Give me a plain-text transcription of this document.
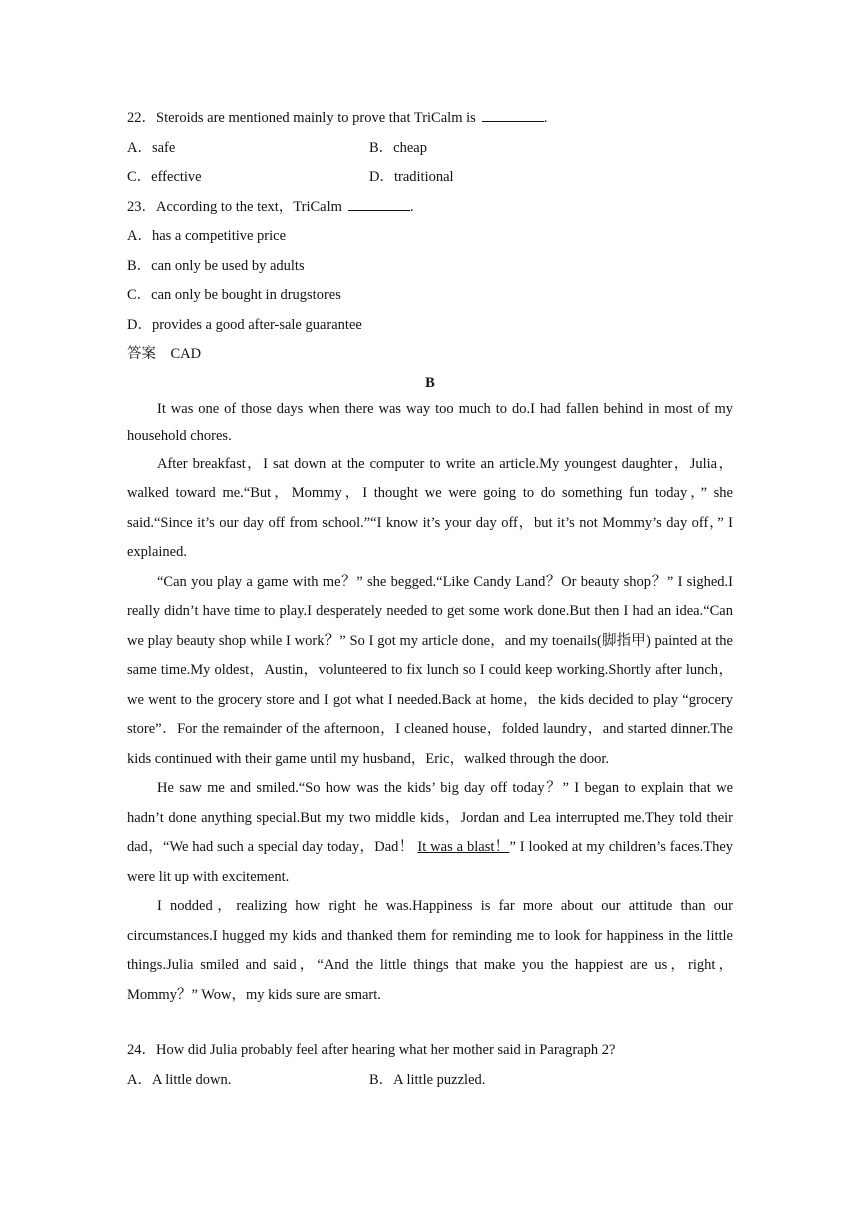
22．Steroids are mentioned mainly to prove that TriCalm is	.
A．safe	B．cheap
C．effective	D．traditional
23．According to the text，TriCalm	.
A．has a competitive price
B．can only be used by adults
C．can only be bought in drugstores
D．provides a good after-sale guarantee
答案　CAD
B

It was one of those days when there was way too much to do.I had fallen behind in most of my household chores.

After breakfast，I sat down at the computer to write an article.My youngest daughter，Julia，walked toward me.“But，Mommy，I thought we were going to do something fun today，” she said.“Since it’s our day off from school.”“I know it’s your day off，but it’s not Mommy’s day off，” I explained.

“Can you play a game with me？” she begged.“Like Candy Land？Or beauty shop？” I sighed.I really didn’t have time to play.I desperately needed to get some work done.But then I had an idea.“Can we play beauty shop while I work？” So I got my article done，and my toenails(脚指甲) painted at the same time.My oldest，Austin，volunteered to fix lunch so I could keep working.Shortly after lunch，we went to the grocery store and I got what I needed.Back at home，the kids decided to play “grocery store”．For the remainder of the afternoon，I cleaned house，folded laundry，and started dinner.The kids continued with their game until my husband，Eric，walked through the door.

He saw me and smiled.“So how was the kids’ big day off today？” I began to explain that we hadn’t done anything special.But my two middle kids，Jordan and Lea interrupted me.They told their dad，“We had such a special day today，Dad！ It was a blast！” I looked at my children’s faces.They were lit up with excitement.

I nodded，realizing how right he was.Happiness is far more about our attitude than our circumstances.I hugged my kids and thanked them for reminding me to look for happiness in the little things.Julia smiled and said，“And the little things that make you the happiest are us，right，Mommy？” Wow，my kids sure are smart.

24．How did Julia probably feel after hearing what her mother said in Paragraph 2?
A．A little down.	B．A little puzzled.
